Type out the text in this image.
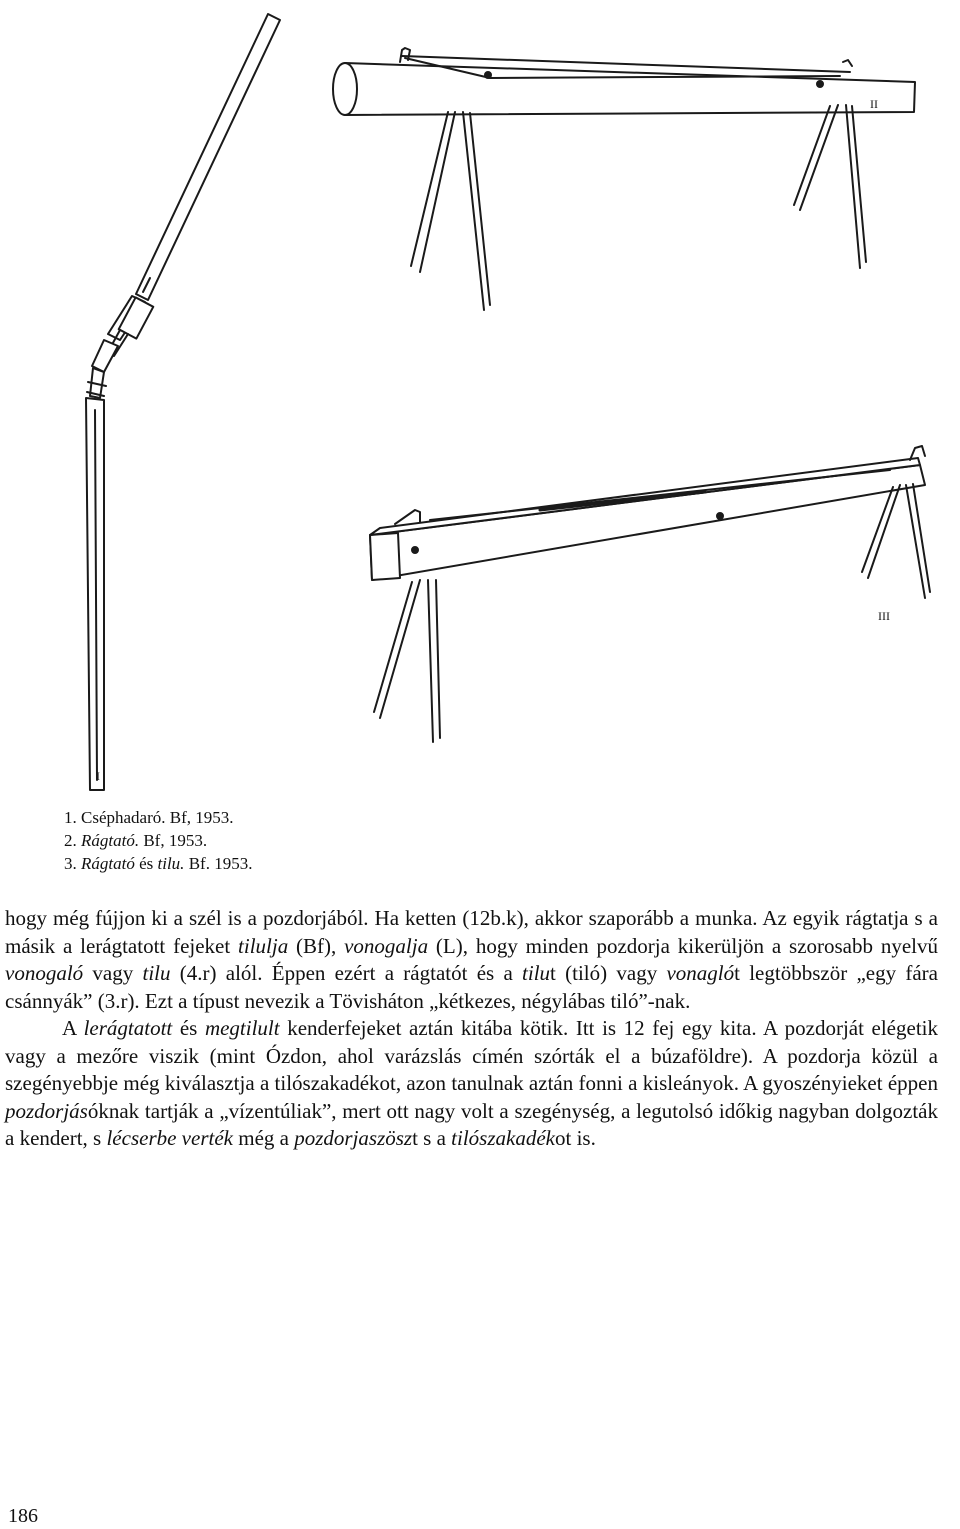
I
II
III
1. Cséphadaró. Bf, 1953.
2. Rágtató. Bf, 1953.
3. Rágtató és tilu. Bf. 1953.

hogy még fújjon ki a szél is a pozdorjából. Ha ketten (12b.k), akkor szaporább a munka. Az egyik rágtatja s a másik a lerágtatott fejeket tilulja (Bf), vonogalja (L), hogy minden pozdorja kikerüljön a szorosabb nyelvű vonogaló vagy tilu (4.r) alól. Éppen ezért a rágtatót és a tilut (tiló) vagy vonaglót legtöbbször „egy fára csánnyák” (3.r). Ezt a típust nevezik a Tövisháton „kétkezes, négylábas tiló”-nak.

A lerágtatott és megtilult kenderfejeket aztán kitába kötik. Itt is 12 fej egy kita. A pozdorját elégetik vagy a mezőre viszik (mint Ózdon, ahol varázslás címén szórták el a búzaföldre). A pozdorja közül a szegényebbje még kiválasztja a tilószakadékot, azon tanulnak aztán fonni a kisleányok. A gyoszényieket éppen pozdorjásóknak tartják a „vízentúliak”, mert ott nagy volt a szegénység, a legutolsó időkig nagyban dolgozták a kendert, s lécserbe verték még a pozdorjaszöszt s a tilószakadékot is.

186
